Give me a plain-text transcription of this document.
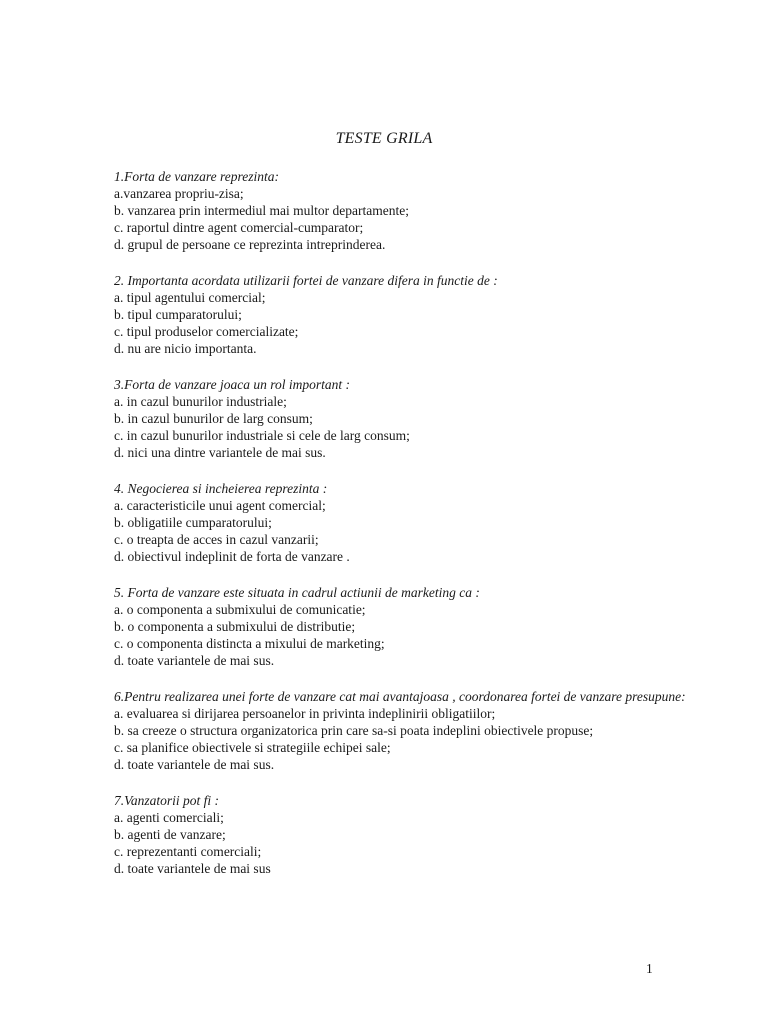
TESTE GRILA
1.Forta de vanzare reprezinta:
a.vanzarea propriu-zisa;
b. vanzarea prin intermediul mai multor departamente;
c. raportul dintre agent comercial-cumparator;
d. grupul de persoane ce reprezinta intreprinderea.
2. Importanta acordata utilizarii fortei de vanzare difera in functie de :
a. tipul agentului comercial;
b. tipul cumparatorului;
c. tipul produselor comercializate;
d. nu are nicio importanta.
3.Forta de vanzare joaca un rol important :
a. in cazul bunurilor industriale;
b. in cazul bunurilor de larg consum;
c. in cazul bunurilor industriale si cele de larg consum;
d. nici una dintre variantele de mai sus.
4. Negocierea si incheierea reprezinta :
a. caracteristicile unui agent comercial;
b. obligatiile cumparatorului;
c. o treapta de acces in cazul vanzarii;
d. obiectivul indeplinit de forta de vanzare .
5. Forta de vanzare este situata in cadrul actiunii de marketing ca :
a. o componenta a submixului de comunicatie;
b. o componenta a submixului de distributie;
c. o componenta distincta a mixului de marketing;
d. toate variantele de mai sus.
6.Pentru realizarea unei forte de vanzare cat mai avantajoasa , coordonarea fortei de vanzare presupune:
a. evaluarea si dirijarea persoanelor in privinta indeplinirii obligatiilor;
b. sa creeze o structura organizatorica prin care sa-si poata indeplini obiectivele propuse;
c. sa planifice obiectivele si strategiile echipei sale;
d. toate variantele de mai sus.
7.Vanzatorii pot fi :
a. agenti comerciali;
b. agenti de vanzare;
c. reprezentanti comerciali;
d. toate variantele de mai sus
1
